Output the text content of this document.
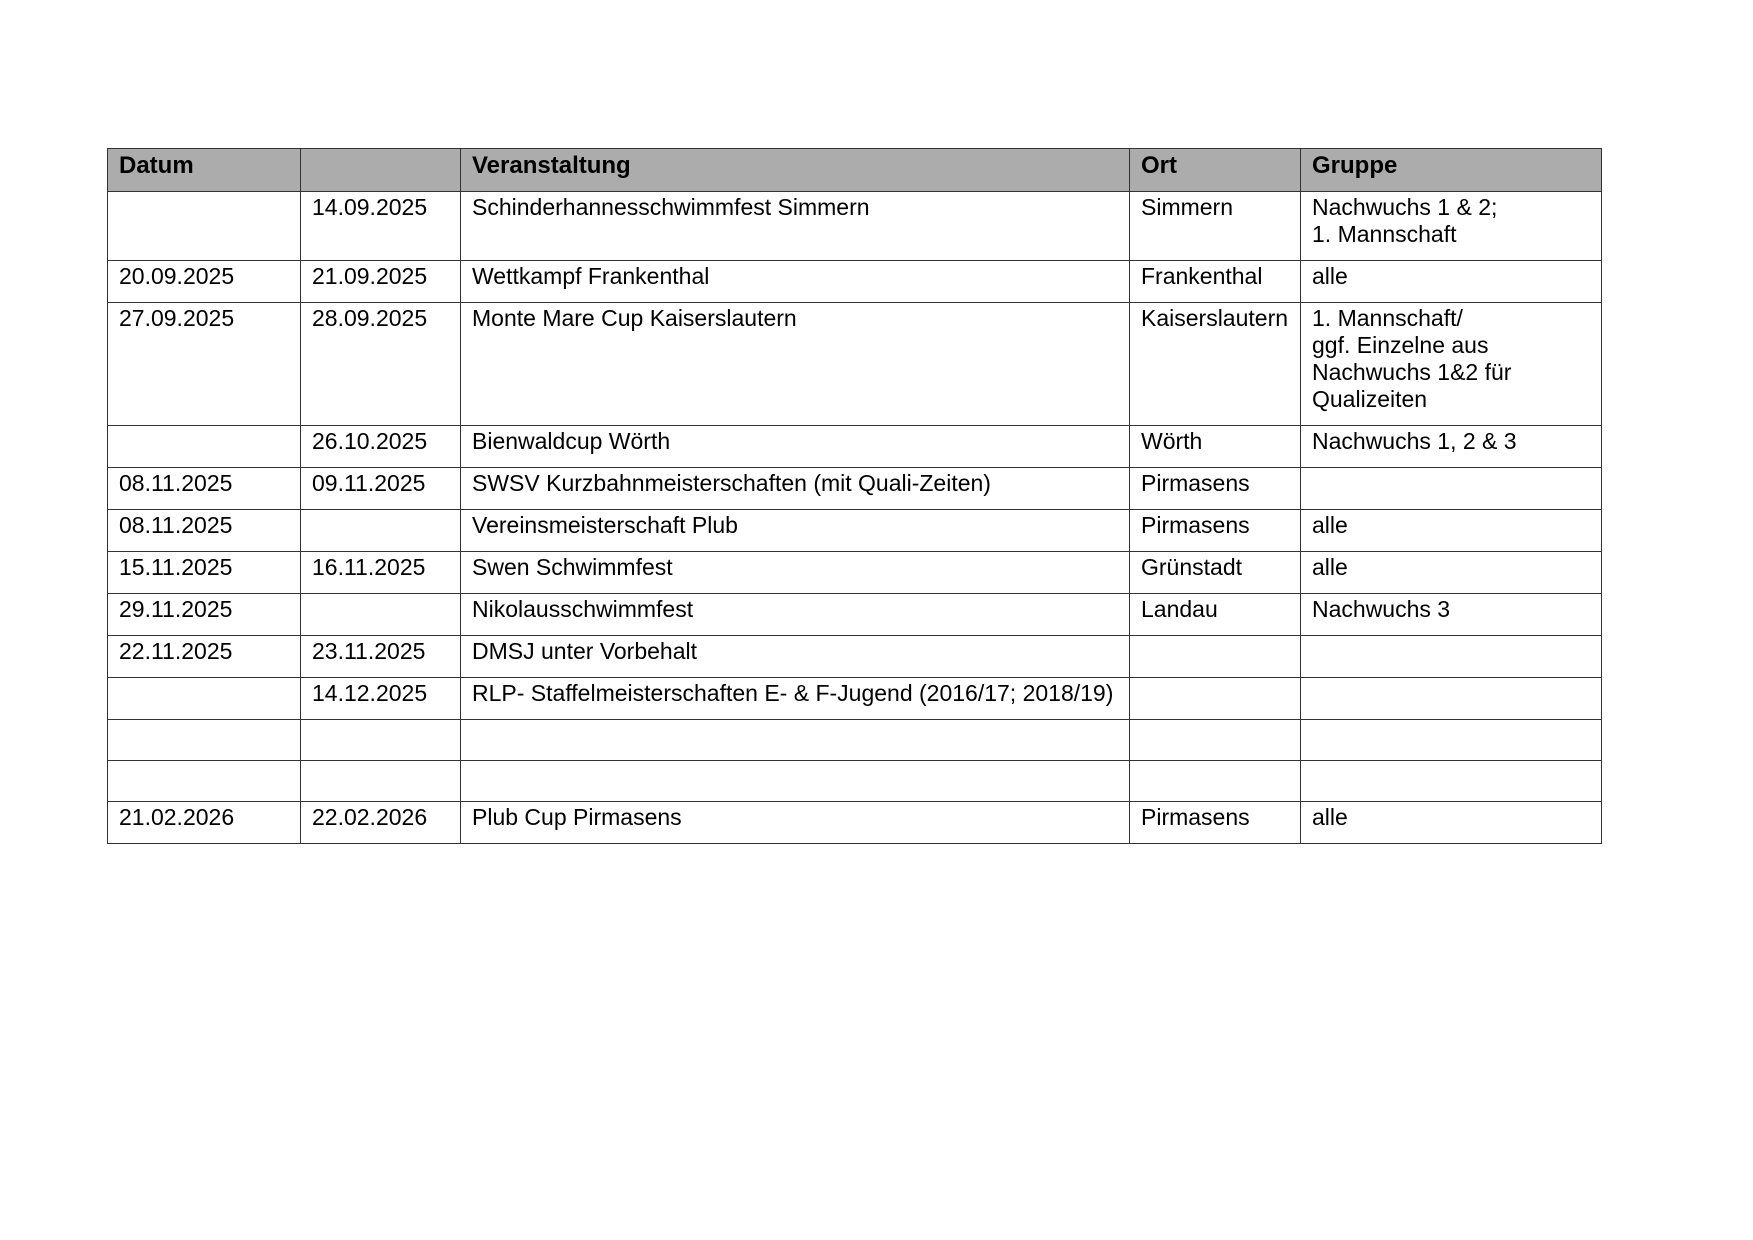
Datum		Veranstaltung	Ort	Gruppe
	14.09.2025	Schinderhannesschwimmfest Simmern	Simmern	Nachwuchs 1 & 2;
1. Mannschaft
20.09.2025	21.09.2025	Wettkampf Frankenthal	Frankenthal	alle
27.09.2025	28.09.2025	Monte Mare Cup Kaiserslautern	Kaiserslautern	1. Mannschaft/
ggf. Einzelne aus
Nachwuchs 1&2 für
Qualizeiten
	26.10.2025	Bienwaldcup Wörth	Wörth	Nachwuchs 1, 2 & 3
08.11.2025	09.11.2025	SWSV Kurzbahnmeisterschaften (mit Quali-Zeiten)	Pirmasens	
08.11.2025		Vereinsmeisterschaft Plub	Pirmasens	alle
15.11.2025	16.11.2025	Swen Schwimmfest	Grünstadt	alle
29.11.2025		Nikolausschwimmfest	Landau	Nachwuchs 3
22.11.2025	23.11.2025	DMSJ unter Vorbehalt		
	14.12.2025	RLP- Staffelmeisterschaften E- & F-Jugend (2016/17; 2018/19)		

21.02.2026	22.02.2026	Plub Cup Pirmasens	Pirmasens	alle
